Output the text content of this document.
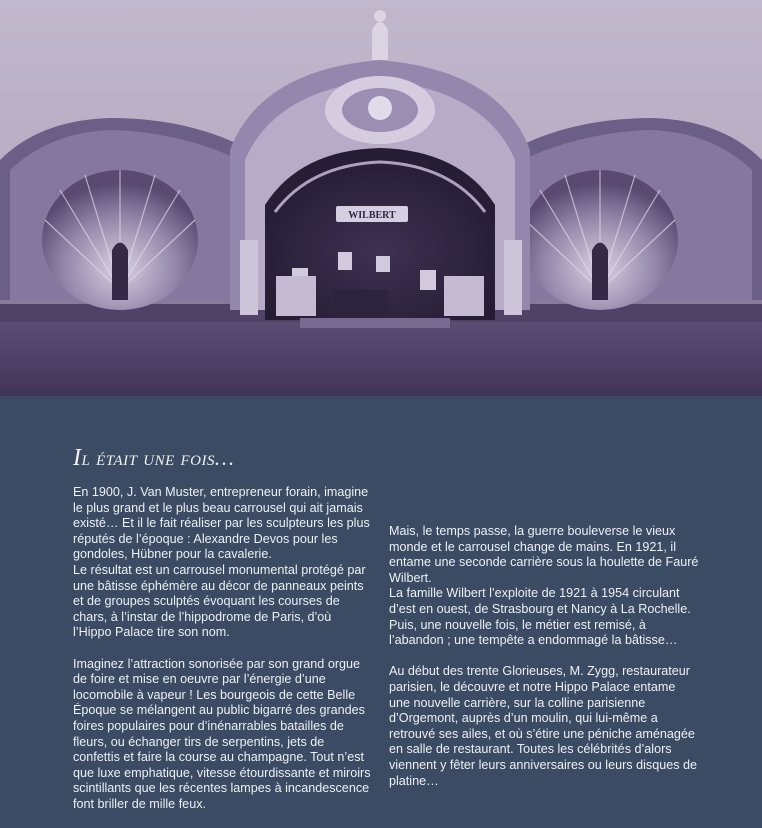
WILBERT
Il était une fois…

En 1900, J. Van Muster, entrepreneur forain, imagine le plus grand et le plus beau carrousel qui ait jamais existé… Et il le fait réaliser par les sculpteurs les plus réputés de l’époque : Alexandre Devos pour les gondoles, Hübner pour la cavalerie.

Le résultat est un carrousel monumental protégé par une bâtisse éphémère au décor de panneaux peints et de groupes sculptés évoquant les courses de chars, à l’instar de l’hippodrome de Paris, d’où l’Hippo Palace tire son nom.

Imaginez l’attraction sonorisée par son grand orgue de foire et mise en oeuvre par l’énergie d’une locomobile à vapeur ! Les bourgeois de cette Belle Époque se mélangent au public bigarré des grandes foires populaires pour d’inénarrables batailles de fleurs, ou échanger tirs de serpentins, jets de confettis et faire la course au champagne. Tout n’est que luxe emphatique, vitesse étourdissante et miroirs scintillants que les récentes lampes à incandescence font briller de mille feux.

Mais, le temps passe, la guerre bouleverse le vieux monde et le carrousel change de mains. En 1921, il entame une seconde carrière sous la houlette de Fauré Wilbert.

La famille Wilbert l’exploite de 1921 à 1954 circulant d’est en ouest, de Strasbourg et Nancy à La Rochelle. Puis, une nouvelle fois, le métier est remisé, à l’abandon ; une tempête a endommagé la bâtisse…

Au début des trente Glorieuses, M. Zygg, restaurateur parisien, le découvre et notre Hippo Palace entame une nouvelle carrière, sur la colline parisienne d’Orgemont, auprès d’un moulin, qui lui-même a retrouvé ses ailes, et où s’étire une péniche aménagée en salle de restaurant. Toutes les célébrités d’alors viennent y fêter leurs anniversaires ou leurs disques de platine…
